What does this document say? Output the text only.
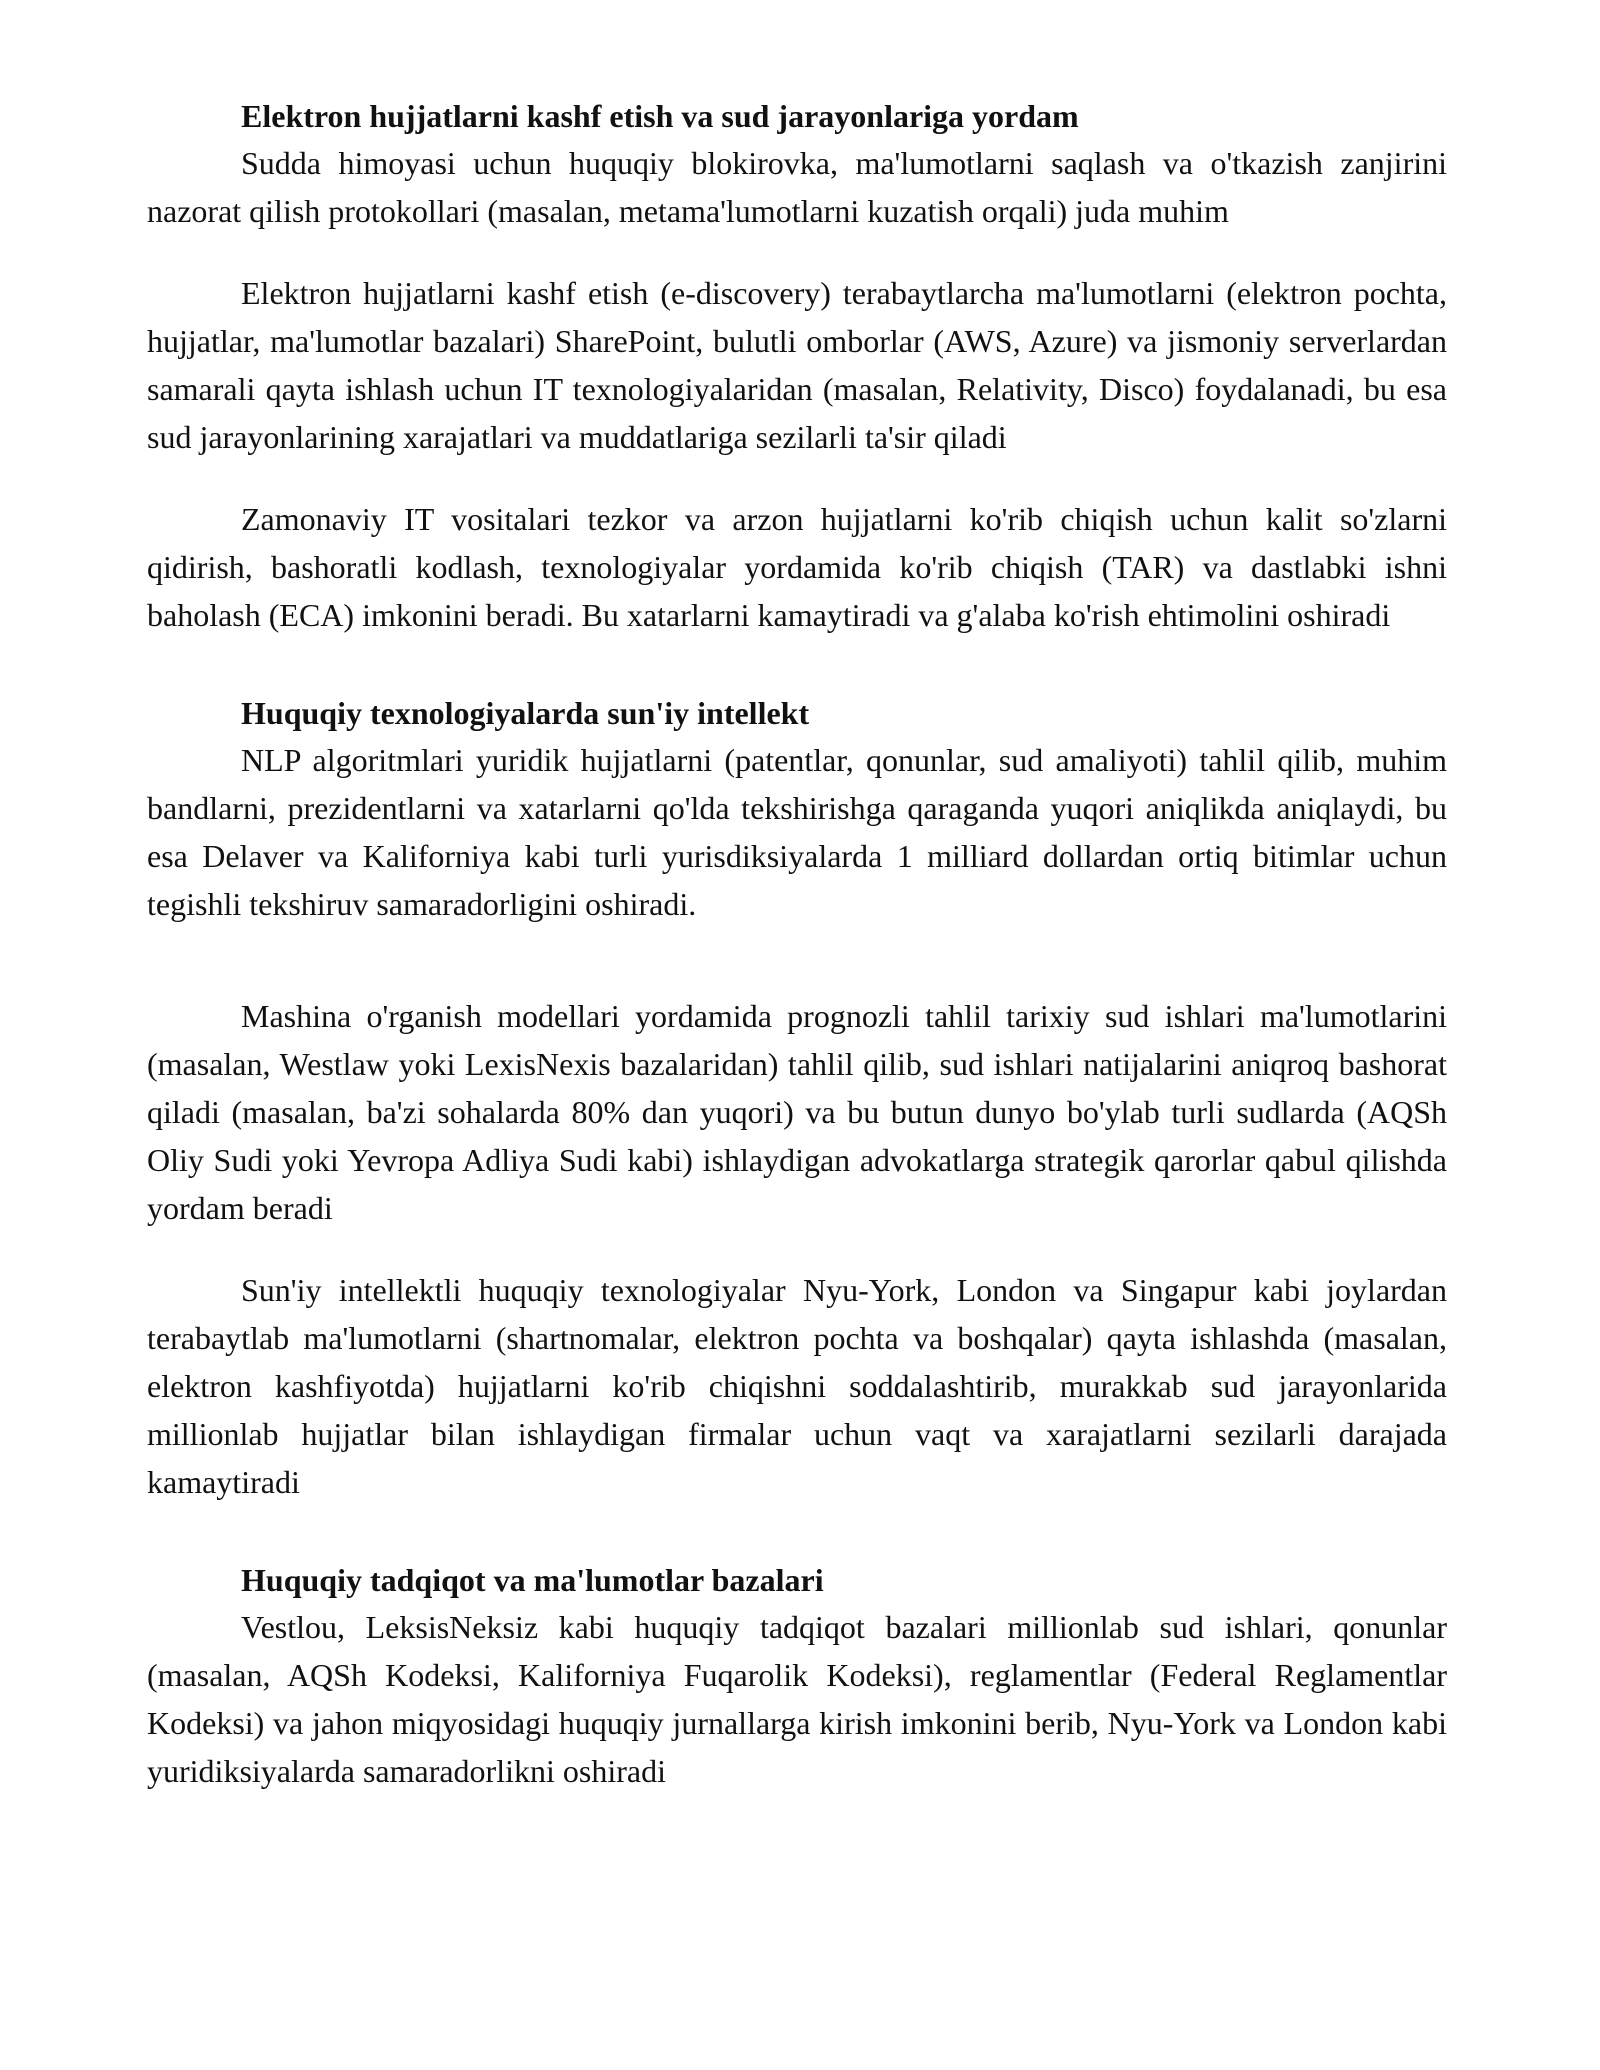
Elektron hujjatlarni kashf etish va sud jarayonlariga yordam

Sudda himoyasi uchun huquqiy blokirovka, ma'lumotlarni saqlash va o'tkazish zanjirini nazorat qilish protokollari (masalan, metama'lumotlarni kuzatish orqali) juda muhim

Elektron hujjatlarni kashf etish (e-discovery) terabaytlarcha ma'lumotlarni (elektron pochta, hujjatlar, ma'lumotlar bazalari) SharePoint, bulutli omborlar (AWS, Azure) va jismoniy serverlardan samarali qayta ishlash uchun IT texnologiyalaridan (masalan, Relativity, Disco) foydalanadi, bu esa sud jarayonlarining xarajatlari va muddatlariga sezilarli ta'sir qiladi

Zamonaviy IT vositalari tezkor va arzon hujjatlarni ko'rib chiqish uchun kalit so'zlarni qidirish, bashoratli kodlash, texnologiyalar yordamida ko'rib chiqish (TAR) va dastlabki ishni baholash (ECA) imkonini beradi. Bu xatarlarni kamaytiradi va g'alaba ko'rish ehtimolini oshiradi

Huquqiy texnologiyalarda sun'iy intellekt

NLP algoritmlari yuridik hujjatlarni (patentlar, qonunlar, sud amaliyoti) tahlil qilib, muhim bandlarni, prezidentlarni va xatarlarni qo'lda tekshirishga qaraganda yuqori aniqlikda aniqlaydi, bu esa Delaver va Kaliforniya kabi turli yurisdiksiyalarda 1 milliard dollardan ortiq bitimlar uchun tegishli tekshiruv samaradorligini oshiradi.

Mashina o'rganish modellari yordamida prognozli tahlil tarixiy sud ishlari ma'lumotlarini (masalan, Westlaw yoki LexisNexis bazalaridan) tahlil qilib, sud ishlari natijalarini aniqroq bashorat qiladi (masalan, ba'zi sohalarda 80% dan yuqori) va bu butun dunyo bo'ylab turli sudlarda (AQSh Oliy Sudi yoki Yevropa Adliya Sudi kabi) ishlaydigan advokatlarga strategik qarorlar qabul qilishda yordam beradi

Sun'iy intellektli huquqiy texnologiyalar Nyu-York, London va Singapur kabi joylardan terabaytlab ma'lumotlarni (shartnomalar, elektron pochta va boshqalar) qayta ishlashda (masalan, elektron kashfiyotda) hujjatlarni ko'rib chiqishni soddalashtirib, murakkab sud jarayonlarida millionlab hujjatlar bilan ishlaydigan firmalar uchun vaqt va xarajatlarni sezilarli darajada kamaytiradi

Huquqiy tadqiqot va ma'lumotlar bazalari

Vestlou, LeksisNeksiz kabi huquqiy tadqiqot bazalari millionlab sud ishlari, qonunlar (masalan, AQSh Kodeksi, Kaliforniya Fuqarolik Kodeksi), reglamentlar (Federal Reglamentlar Kodeksi) va jahon miqyosidagi huquqiy jurnallarga kirish imkonini berib, Nyu-York va London kabi yuridiksiyalarda samaradorlikni oshiradi
